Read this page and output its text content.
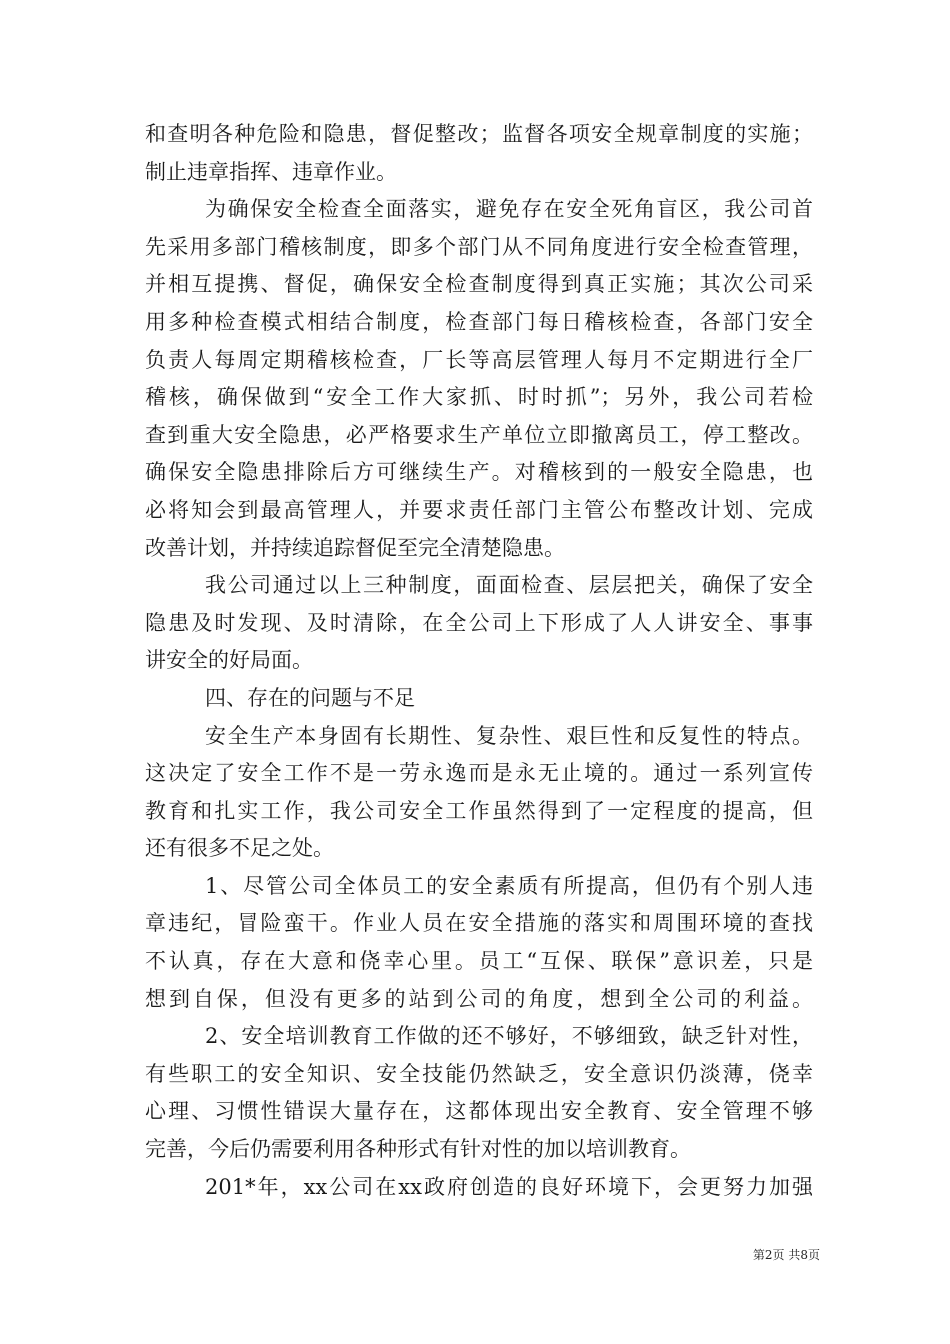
和查明各种危险和隐患，督促整改；监督各项安全规章制度的实施；
制止违章指挥、违章作业。
为确保安全检查全面落实，避免存在安全死角盲区，我公司首
先采用多部门稽核制度，即多个部门从不同角度进行安全检查管理，
并相互提携、督促，确保安全检查制度得到真正实施；其次公司采
用多种检查模式相结合制度，检查部门每日稽核检查，各部门安全
负责人每周定期稽核检查，厂长等高层管理人每月不定期进行全厂
稽核，确保做到“安全工作大家抓、时时抓”；另外，我公司若检
查到重大安全隐患，必严格要求生产单位立即撤离员工，停工整改。
确保安全隐患排除后方可继续生产。对稽核到的一般安全隐患，也
必将知会到最高管理人，并要求责任部门主管公布整改计划、完成
改善计划，并持续追踪督促至完全清楚隐患。
我公司通过以上三种制度，面面检查、层层把关，确保了安全
隐患及时发现、及时清除，在全公司上下形成了人人讲安全、事事
讲安全的好局面。
四、存在的问题与不足
安全生产本身固有长期性、复杂性、艰巨性和反复性的特点。
这决定了安全工作不是一劳永逸而是永无止境的。通过一系列宣传
教育和扎实工作，我公司安全工作虽然得到了一定程度的提高，但
还有很多不足之处。
1、尽管公司全体员工的安全素质有所提高，但仍有个别人违
章违纪，冒险蛮干。作业人员在安全措施的落实和周围环境的查找
不认真，存在大意和侥幸心里。员工“互保、联保”意识差，只是
想到自保，但没有更多的站到公司的角度，想到全公司的利益。
2、安全培训教育工作做的还不够好，不够细致，缺乏针对性，
有些职工的安全知识、安全技能仍然缺乏，安全意识仍淡薄，侥幸
心理、习惯性错误大量存在，这都体现出安全教育、安全管理不够
完善，今后仍需要利用各种形式有针对性的加以培训教育。
201*年，xx公司在xx政府创造的良好环境下，会更努力加强
第2页 共8页
